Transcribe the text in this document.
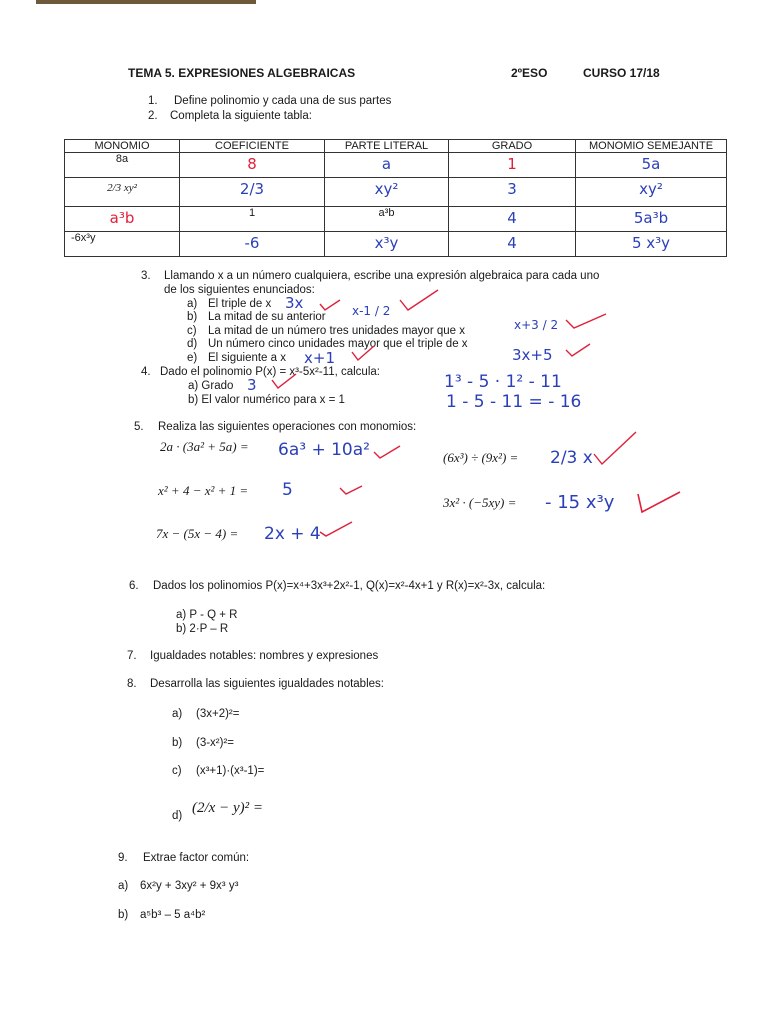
TEMA 5. EXPRESIONES ALGEBRAICAS	2ºESO	CURSO 17/18
1. Define polinomio y cada una de sus partes
2. Completa la siguiente tabla:
MONOMIO	COEFICIENTE	PARTE LITERAL	GRADO	MONOMIO SEMEJANTE

8a	8	a	1	5a

2/3 xy²	2/3	xy²	3	xy²

a³b	1	a³b	4	5a³b

-6x³y	-6	x³y	4	5 x³y
3. Llamando x a un número cualquiera, escribe una expresión algebraica para cada uno
de los siguientes enunciados:
a) El triple de x 3x
b) La mitad de su anterior x-1 / 2
c) La mitad de un número tres unidades mayor que x	x+3 / 2
d) Un número cinco unidades mayor que el triple de x
3x+5
e) El siguiente a x x+1
4. Dado el polinomio P(x) = x³-5x²-11, calcula:
a) Grado 3
b) El valor numérico para x = 1
1³ - 5 · 1² - 11
1 - 5 - 11 = - 16
5. Realiza las siguientes operaciones con monomios:
2a · (3a² + 5a) = 6a³ + 10a²
x² + 4 − x² + 1 = 5
7x − (5x − 4) = 2x + 4
(6x³) ÷ (9x²) = 2/3 x
3x² · (−5xy) = - 15 x³y
6. Dados los polinomios P(x)=x⁴+3x³+2x²-1, Q(x)=x²-4x+1 y R(x)=x²-3x, calcula:
a) P - Q + R
b) 2·P – R
7. Igualdades notables: nombres y expresiones
8. Desarrolla las siguientes igualdades notables:
a) (3x+2)²=
b) (3-x²)²=
c) (x³+1)·(x³-1)=
d) (2/x − y)² =
9. Extrae factor común:
a) 6x²y + 3xy² + 9x³ y³
b) a⁵b³ – 5 a⁴b²
